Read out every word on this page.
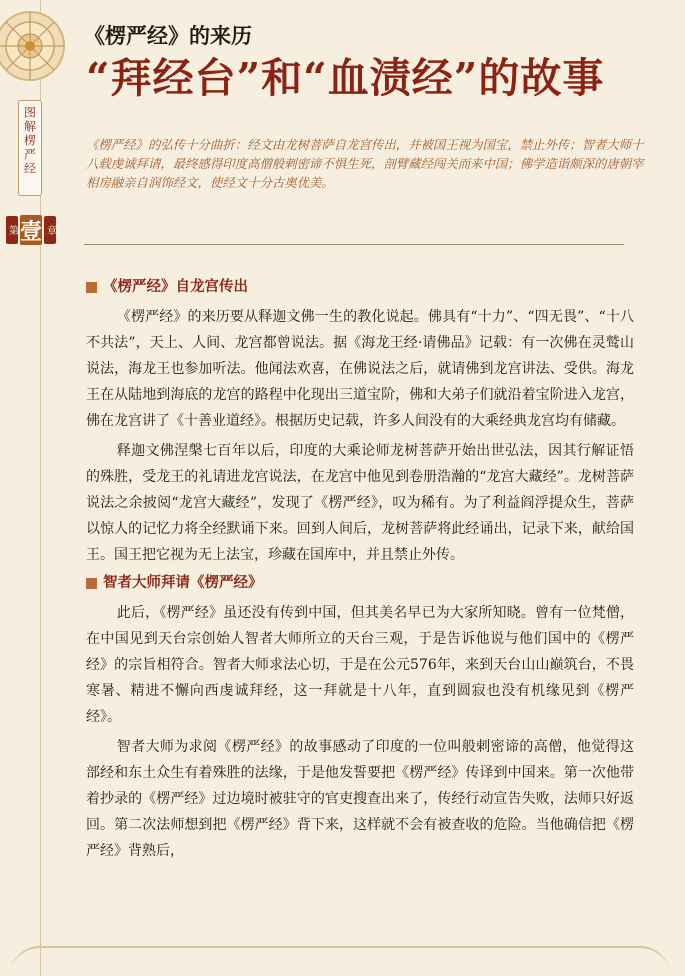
图解楞严经
第 壹 章
《楞严经》的来历
“拜经台”和“血渍经”的故事

《楞严经》的弘传十分曲折：经文由龙树菩萨自龙宫传出，并被国王视为国宝，禁止外传；智者大师十八载虔诚拜请，最终感得印度高僧般剌密谛不惧生死，剖臂藏经闯关而来中国；佛学造诣颇深的唐朝宰相房融亲自润饰经文，使经文十分古奥优美。

《楞严经》自龙宫传出

《楞严经》的来历要从释迦文佛一生的教化说起。佛具有“十力”、“四无畏”、“十八不共法”，天上、人间、龙宫都曾说法。据《海龙王经·请佛品》记载：有一次佛在灵鹫山说法，海龙王也参加听法。他闻法欢喜，在佛说法之后，就请佛到龙宫讲法、受供。海龙王在从陆地到海底的龙宫的路程中化现出三道宝阶，佛和大弟子们就沿着宝阶进入龙宫，佛在龙宫讲了《十善业道经》。根据历史记载，许多人间没有的大乘经典龙宫均有储藏。

释迦文佛涅槃七百年以后，印度的大乘论师龙树菩萨开始出世弘法，因其行解证悟的殊胜，受龙王的礼请进龙宫说法，在龙宫中他见到卷册浩瀚的“龙宫大藏经”。龙树菩萨说法之余披阅“龙宫大藏经”，发现了《楞严经》，叹为稀有。为了利益阎浮提众生，菩萨以惊人的记忆力将全经默诵下来。回到人间后，龙树菩萨将此经诵出，记录下来，献给国王。国王把它视为无上法宝，珍藏在国库中，并且禁止外传。

智者大师拜请《楞严经》

此后，《楞严经》虽还没有传到中国，但其美名早已为大家所知晓。曾有一位梵僧，在中国见到天台宗创始人智者大师所立的天台三观，于是告诉他说与他们国中的《楞严经》的宗旨相符合。智者大师求法心切，于是在公元576年，来到天台山山巅筑台，不畏寒暑、精进不懈向西虔诚拜经，这一拜就是十八年，直到圆寂也没有机缘见到《楞严经》。

智者大师为求阅《楞严经》的故事感动了印度的一位叫般剌密谛的高僧，他觉得这部经和东土众生有着殊胜的法缘，于是他发誓要把《楞严经》传译到中国来。第一次他带着抄录的《楞严经》过边境时被驻守的官吏搜查出来了，传经行动宣告失败，法师只好返回。第二次法师想到把《楞严经》背下来，这样就不会有被查收的危险。当他确信把《楞严经》背熟后，
